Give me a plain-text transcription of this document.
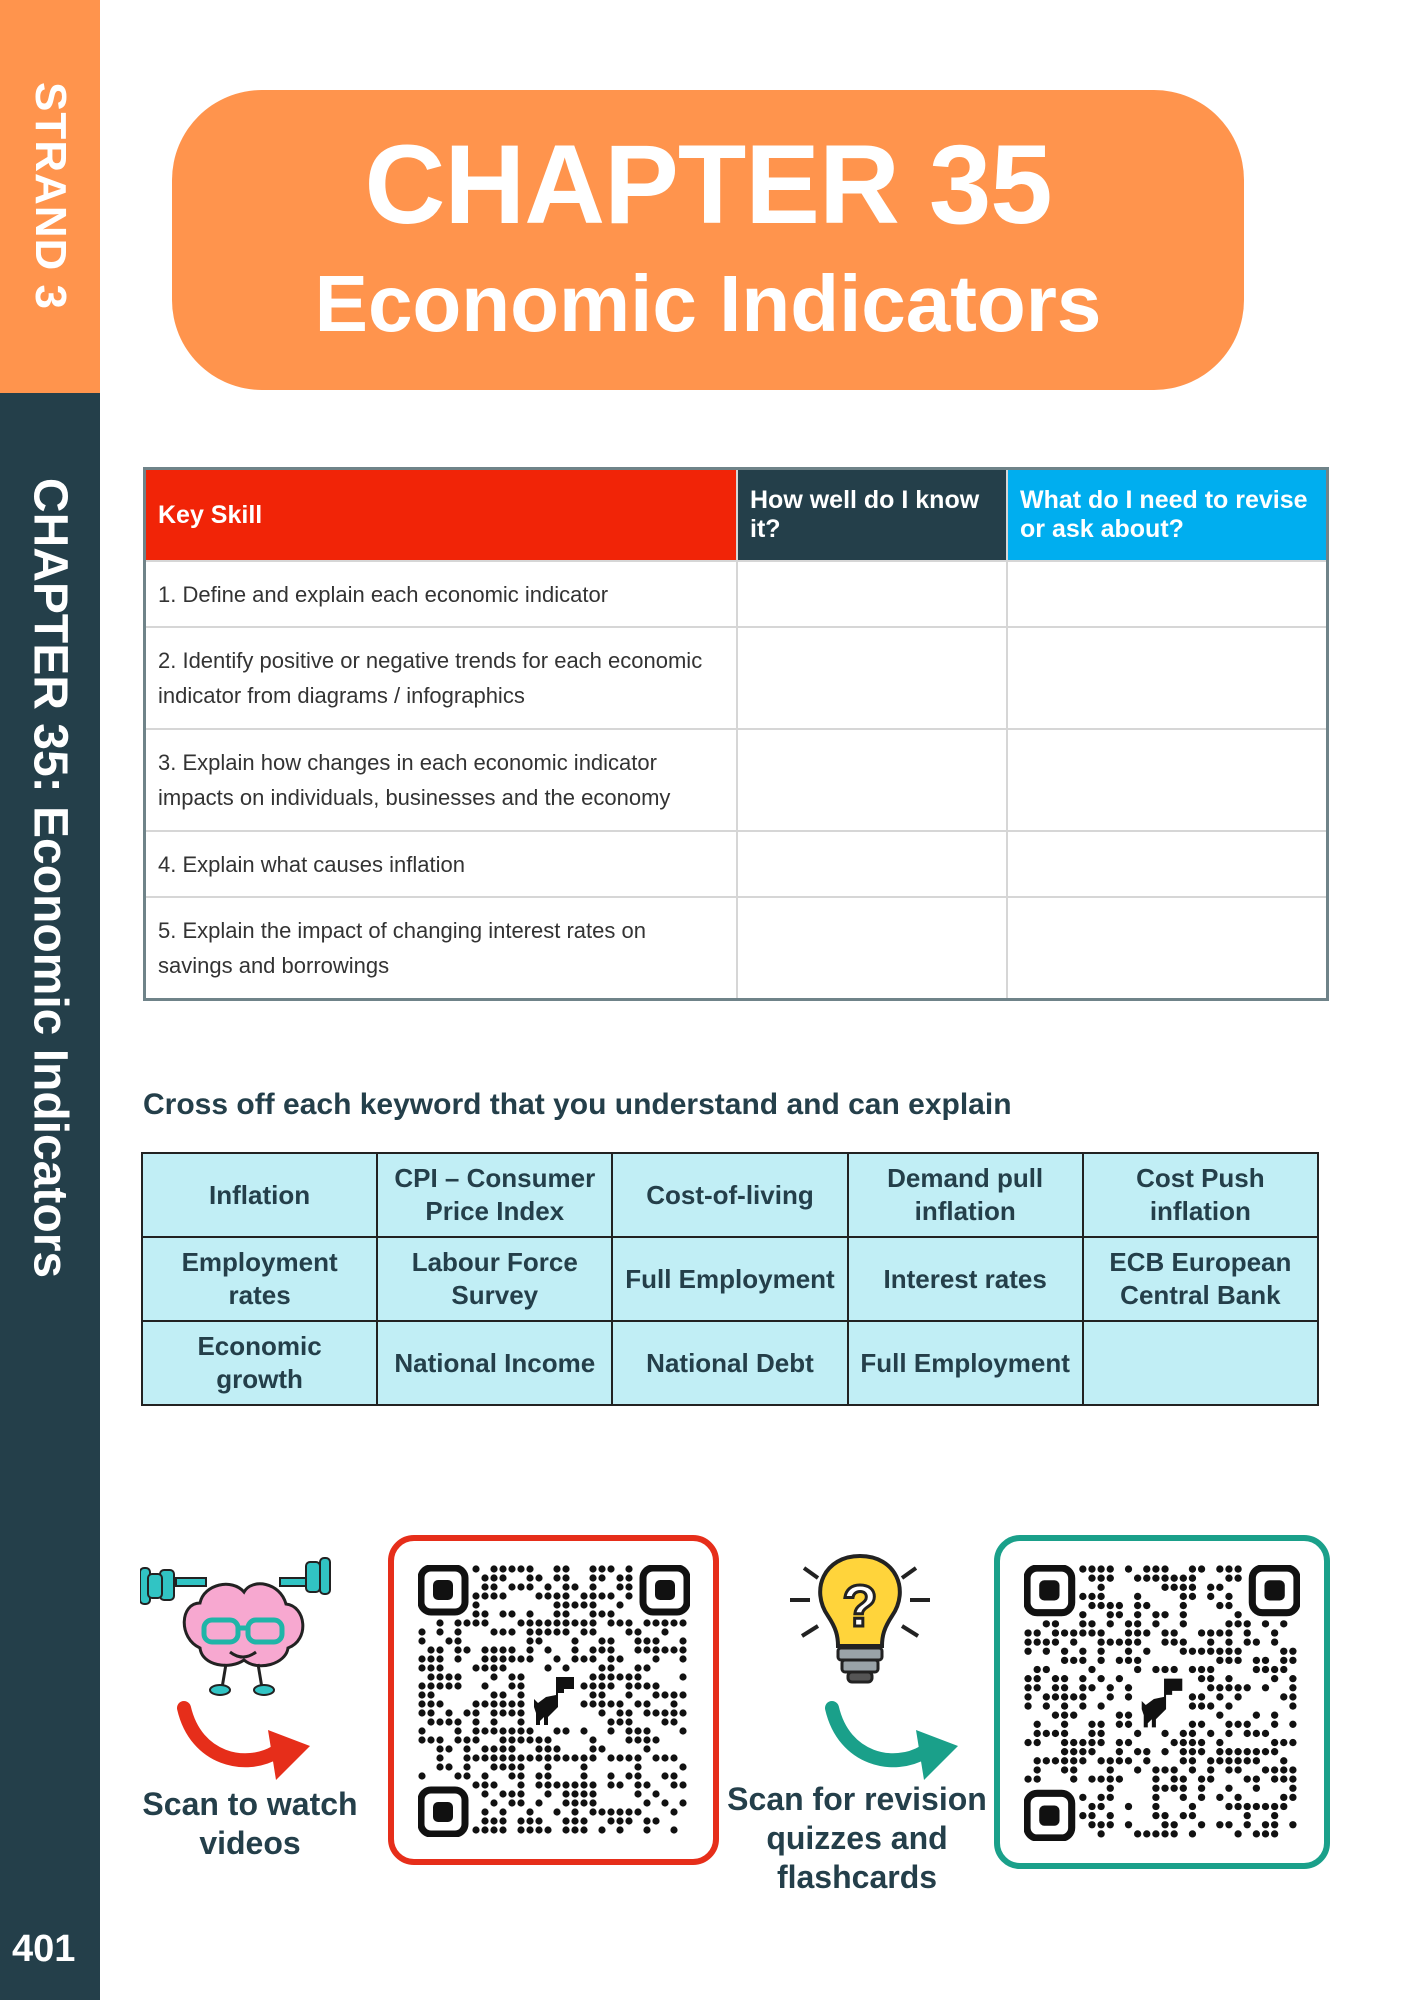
STRAND 3
CHAPTER 35: Economic Indicators
401
CHAPTER 35
Economic Indicators
Key Skill	How well do I know it?	What do I need to revise or ask about?
1. Define and explain each economic indicator		
2. Identify positive or negative trends for each economic indicator from diagrams / infographics		
3. Explain how changes in each economic indicator impacts on individuals, businesses and the economy		
4. Explain what causes inflation		
5. Explain the impact of changing interest rates on savings and borrowings		
Cross off each keyword that you understand and can explain
Inflation	CPI – Consumer Price Index	Cost-of-living	Demand pull inflation	Cost Push inflation
Employment rates	Labour Force Survey	Full Employment	Interest rates	ECB European Central Bank
Economic growth	National Income	National Debt	Full Employment	
?
Scan to watch videos
Scan for revision quizzes and flashcards
